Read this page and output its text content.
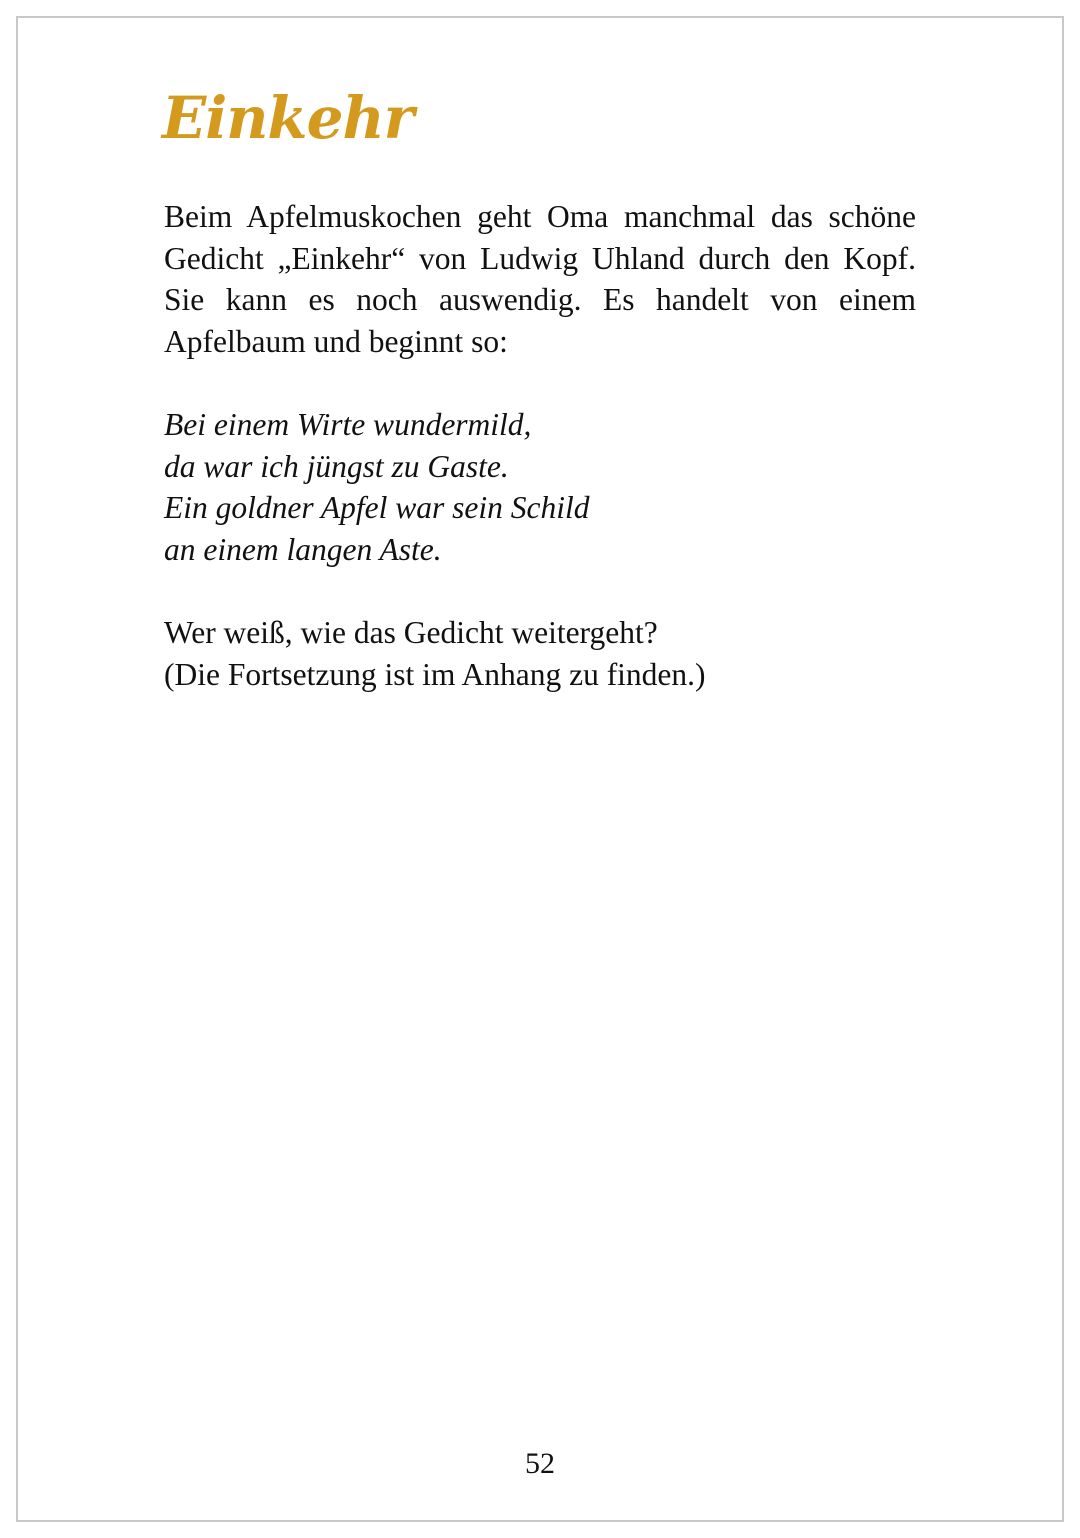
Einkehr

Beim Apfelmuskochen geht Oma manchmal das schöne Gedicht „Einkehr“ von Ludwig Uhland durch den Kopf. Sie kann es noch auswendig. Es handelt von einem Apfelbaum und beginnt so:

Bei einem Wirte wundermild,
da war ich jüngst zu Gaste.
Ein goldner Apfel war sein Schild
an einem langen Aste.
Wer weiß, wie das Gedicht weitergeht?
(Die Fortsetzung ist im Anhang zu finden.)
52
